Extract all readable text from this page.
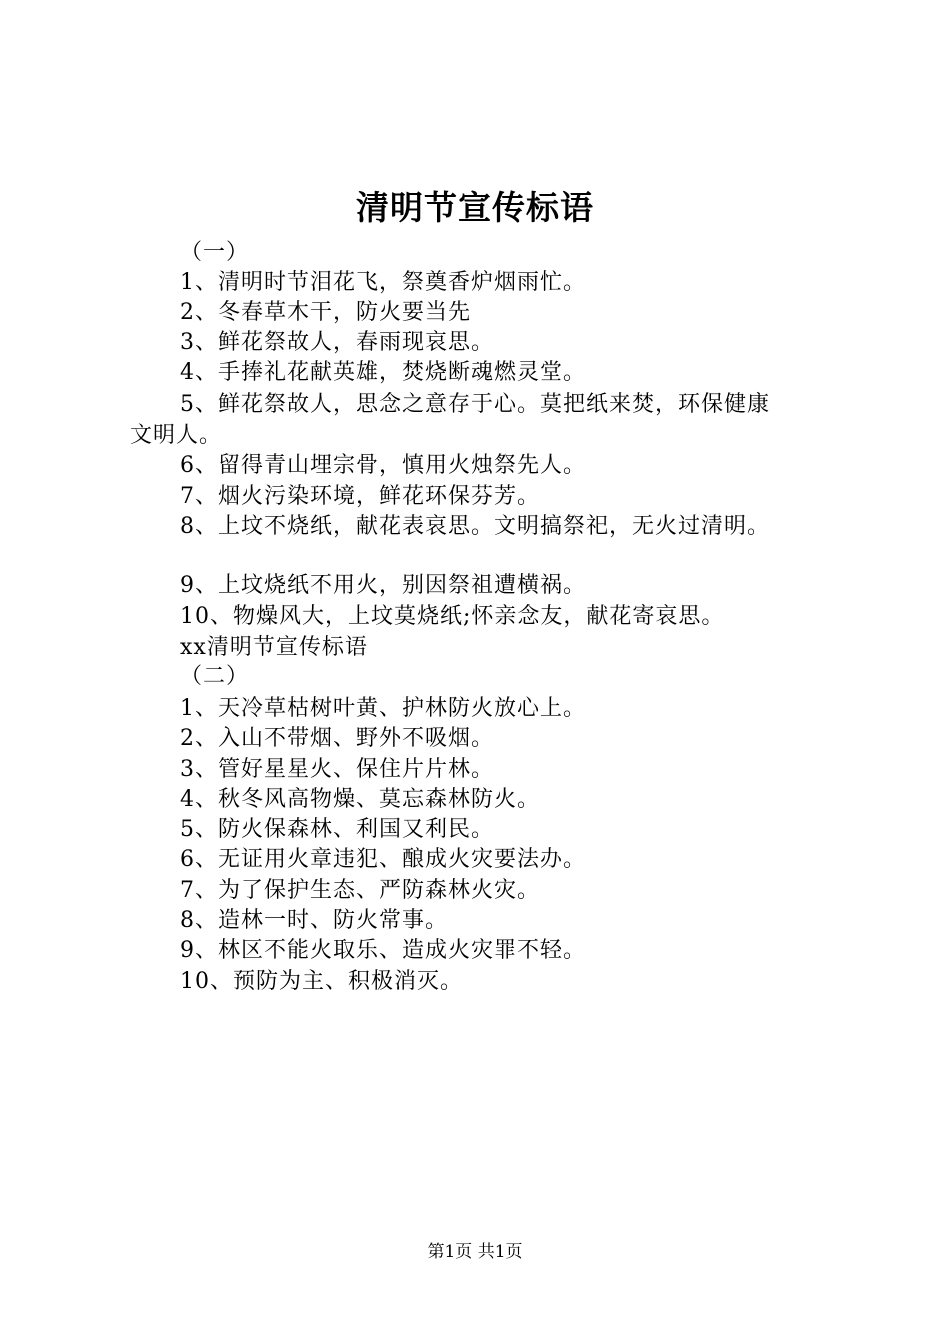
清明节宣传标语
（一）
1、清明时节泪花飞，祭奠香炉烟雨忙。
2、冬春草木干，防火要当先
3、鲜花祭故人，春雨现哀思。
4、手捧礼花献英雄，焚烧断魂燃灵堂。
5、鲜花祭故人，思念之意存于心。莫把纸来焚，环保健康
文明人。
6、留得青山埋宗骨，慎用火烛祭先人。
7、烟火污染环境，鲜花环保芬芳。
8、上坟不烧纸，献花表哀思。文明搞祭祀，无火过清明。
9、上坟烧纸不用火，别因祭祖遭横祸。
10、物燥风大，上坟莫烧纸;怀亲念友，献花寄哀思。
xx清明节宣传标语
（二）
1、天冷草枯树叶黄、护林防火放心上。
2、入山不带烟、野外不吸烟。
3、管好星星火、保住片片林。
4、秋冬风高物燥、莫忘森林防火。
5、防火保森林、利国又利民。
6、无证用火章违犯、酿成火灾要法办。
7、为了保护生态、严防森林火灾。
8、造林一时、防火常事。
9、林区不能火取乐、造成火灾罪不轻。
10、预防为主、积极消灭。
第1页 共1页
